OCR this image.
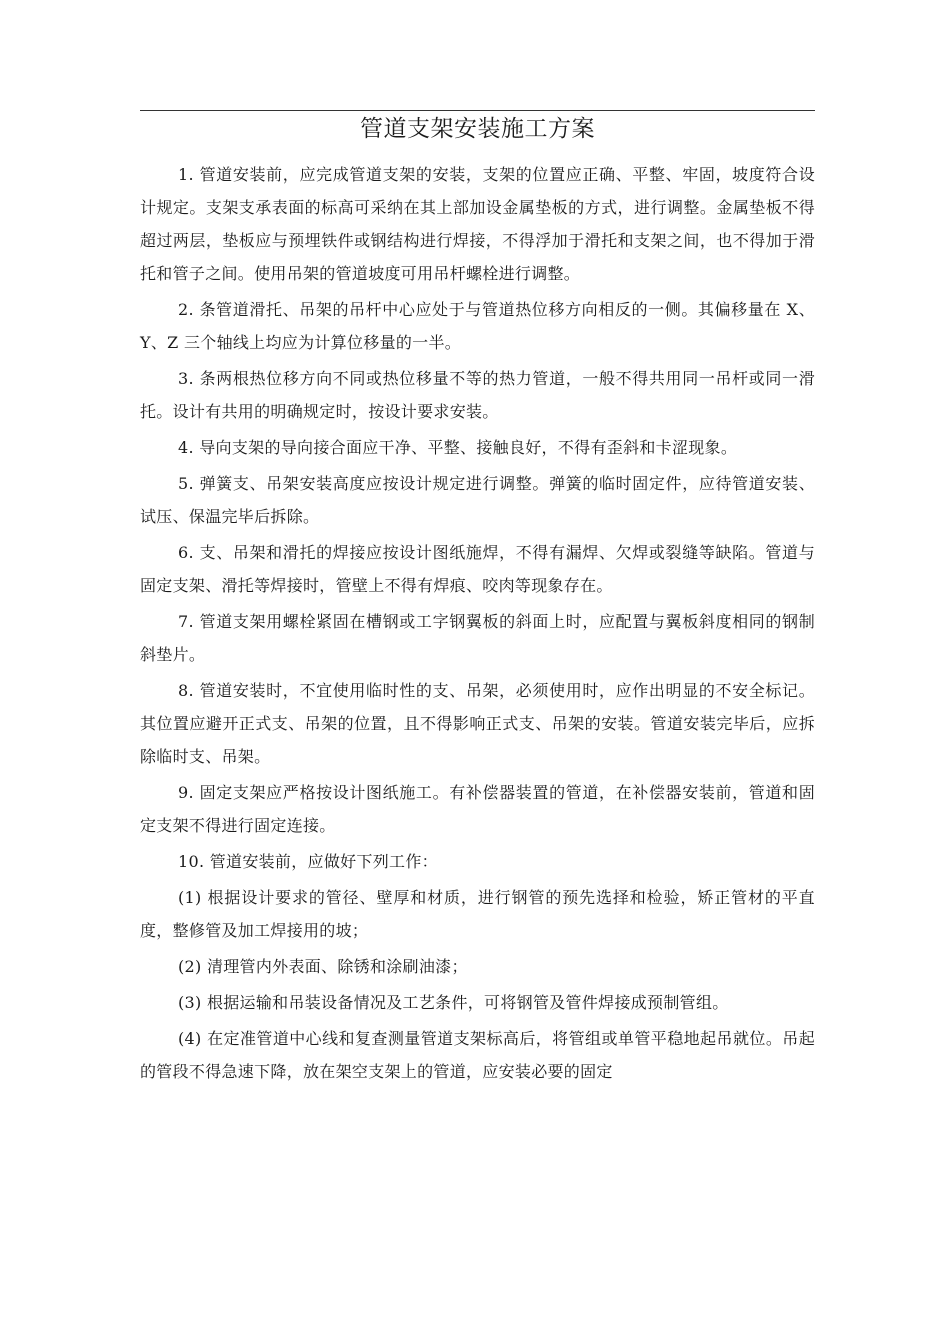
管道支架安装施工方案

1. 管道安装前，应完成管道支架的安装，支架的位置应正确、平整、牢固，坡度符合设计规定。支架支承表面的标高可采纳在其上部加设金属垫板的方式，进行调整。金属垫板不得超过两层，垫板应与预埋铁件或钢结构进行焊接，不得浮加于滑托和支架之间，也不得加于滑托和管子之间。使用吊架的管道坡度可用吊杆螺栓进行调整。

2. 条管道滑托、吊架的吊杆中心应处于与管道热位移方向相反的一侧。其偏移量在 X、Y、Z 三个轴线上均应为计算位移量的一半。

3. 条两根热位移方向不同或热位移量不等的热力管道，一般不得共用同一吊杆或同一滑托。设计有共用的明确规定时，按设计要求安装。

4. 导向支架的导向接合面应干净、平整、接触良好，不得有歪斜和卡涩现象。

5. 弹簧支、吊架安装高度应按设计规定进行调整。弹簧的临时固定件，应待管道安装、试压、保温完毕后拆除。

6. 支、吊架和滑托的焊接应按设计图纸施焊，不得有漏焊、欠焊或裂缝等缺陷。管道与固定支架、滑托等焊接时，管壁上不得有焊痕、咬肉等现象存在。

7. 管道支架用螺栓紧固在槽钢或工字钢翼板的斜面上时，应配置与翼板斜度相同的钢制斜垫片。

8. 管道安装时，不宜使用临时性的支、吊架，必须使用时，应作出明显的不安全标记。其位置应避开正式支、吊架的位置，且不得影响正式支、吊架的安装。管道安装完毕后，应拆除临时支、吊架。

9. 固定支架应严格按设计图纸施工。有补偿器装置的管道，在补偿器安装前，管道和固定支架不得进行固定连接。

10. 管道安装前，应做好下列工作：

(1) 根据设计要求的管径、壁厚和材质，进行钢管的预先选择和检验，矫正管材的平直度，整修管及加工焊接用的坡；

(2) 清理管内外表面、除锈和涂刷油漆；

(3) 根据运输和吊装设备情况及工艺条件，可将钢管及管件焊接成预制管组。

(4) 在定准管道中心线和复查测量管道支架标高后，将管组或单管平稳地起吊就位。吊起的管段不得急速下降，放在架空支架上的管道，应安装必要的固定
